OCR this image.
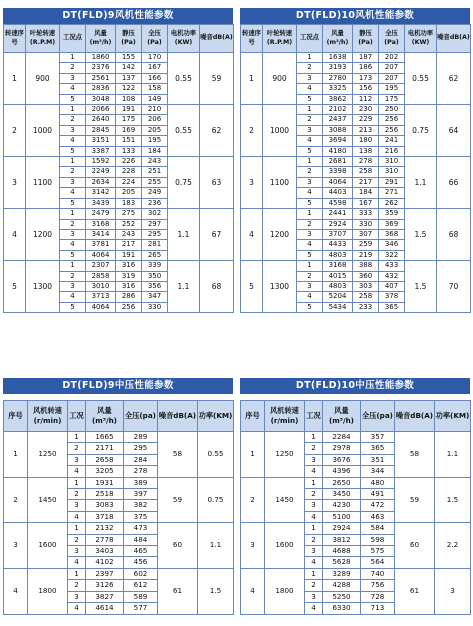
DT(FLD)9风机性能参数
转速序号	叶轮转速(R.P.M)	工况点	风量(m³/h)	静压(Pa)	全压(Pa)	电机功率(KW)	噪音dB(A)
1	900	1	1860	155	170	0.55	59
		2	2376	142	167		
		3	2561	137	166		
		4	2836	122	158		
		5	3048	108	149		
2	1000	1	2066	191	210	0.55	62
		2	2640	175	206		
		3	2845	169	205		
		4	3151	151	195		
		5	3387	133	184		
3	1100	1	1592	226	243	0.75	63
		2	2249	228	251		
		3	2634	224	255		
		4	3142	205	249		
		5	3439	183	236		
4	1200	1	2479	275	302	1.1	67
		2	3168	252	297		
		3	3414	243	295		
		4	3781	217	281		
		5	4064	191	265		
5	1300	1	2307	316	339	1.1	68
		2	2858	319	350		
		3	3010	316	356		
		4	3713	286	347		
		5	4064	256	330		
DT(FLD)10风机性能参数
转速序号	叶轮转速(R.P.M)	工况点	风量(m³/h)	静压(Pa)	全压(Pa)	电机功率(KW)	噪音dB(A)
1	900	1	1638	187	202	0.55	62
		2	3193	186	207		
		3	2780	173	207		
		4	3325	156	195		
		5	3862	112	175		
2	1000	1	2102	230	250	0.75	64
		2	2437	229	256		
		3	3088	213	256		
		4	3694	180	241		
		5	4180	138	216		
3	1100	1	2681	278	310	1.1	66
		2	3398	258	310		
		3	4064	217	291		
		4	4403	184	271		
		5	4598	167	262		
4	1200	1	2441	333	359	1.5	68
		2	2924	330	369		
		3	3707	307	368		
		4	4433	259	346		
		5	4803	219	322		
5	1300	1	3168	388	433	1.5	70
		2	4015	360	432		
		3	4803	303	407		
		4	5204	258	378		
		5	5434	233	365		
DT(FLD)9中压性能参数
序号	风机转速(r/min)	工况	风量(m³/h)	全压(pa)	噪音dB(A)	功率(KM)
1	1250	1	1665	289	58	0.55
		2	2171	295		
		3	2658	284		
		4	3205	278		
2	1450	1	1931	389	59	0.75
		2	2518	397		
		3	3083	382		
		4	3718	375		
3	1600	1	2132	473	60	1.1
		2	2778	484		
		3	3403	465		
		4	4102	456		
4	1800	1	2397	602	61	1.5
		2	3126	612		
		3	3827	589		
		4	4614	577		
DT(FLD)10中压性能参数
序号	风机转速(r/min)	工况	风量(m³/h)	全压(pa)	噪音dB(A)	功率(KM)
1	1250	1	2284	357	58	1.1
		2	2978	365		
		3	3676	351		
		4	4396	344		
2	1450	1	2650	480	59	1.5
		2	3450	491		
		3	4230	472		
		4	5100	463		
3	1600	1	2924	584	60	2.2
		2	3812	598		
		3	4688	575		
		4	5628	564		
4	1800	1	3289	740	61	3
		2	4288	756		
		3	5250	728		
		4	6330	713		
